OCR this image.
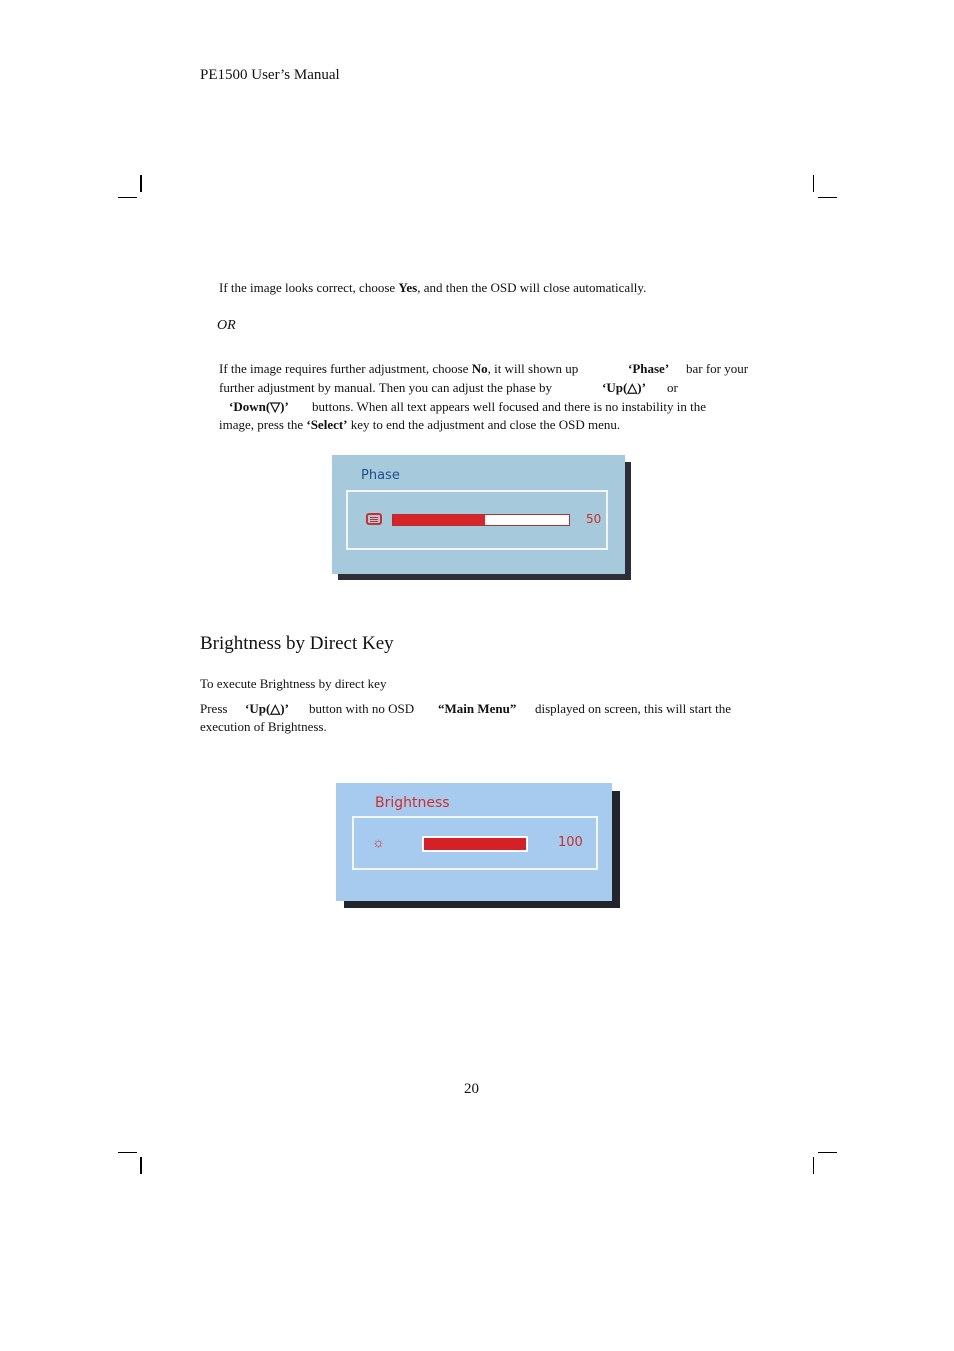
PE1500 User’s Manual
If the image looks correct, choose Yes, and then the OSD will close automatically.
OR
If the image requires further adjustment, choose No, it will shown up	‘Phase’ bar for your
further adjustment by manual. Then you can adjust the phase by	‘Up(△)’ or
‘Down(▽)’ buttons. When all text appears well focused and there is no instability in the
image, press the ‘Select’ key to end the adjustment and close the OSD menu.
Phase
50
Brightness by Direct Key
To execute Brightness by direct key
Press ‘Up(△)’ button with no OSD “Main Menu” displayed on screen, this will start the
execution of Brightness.
Brightness
☼	100
20
